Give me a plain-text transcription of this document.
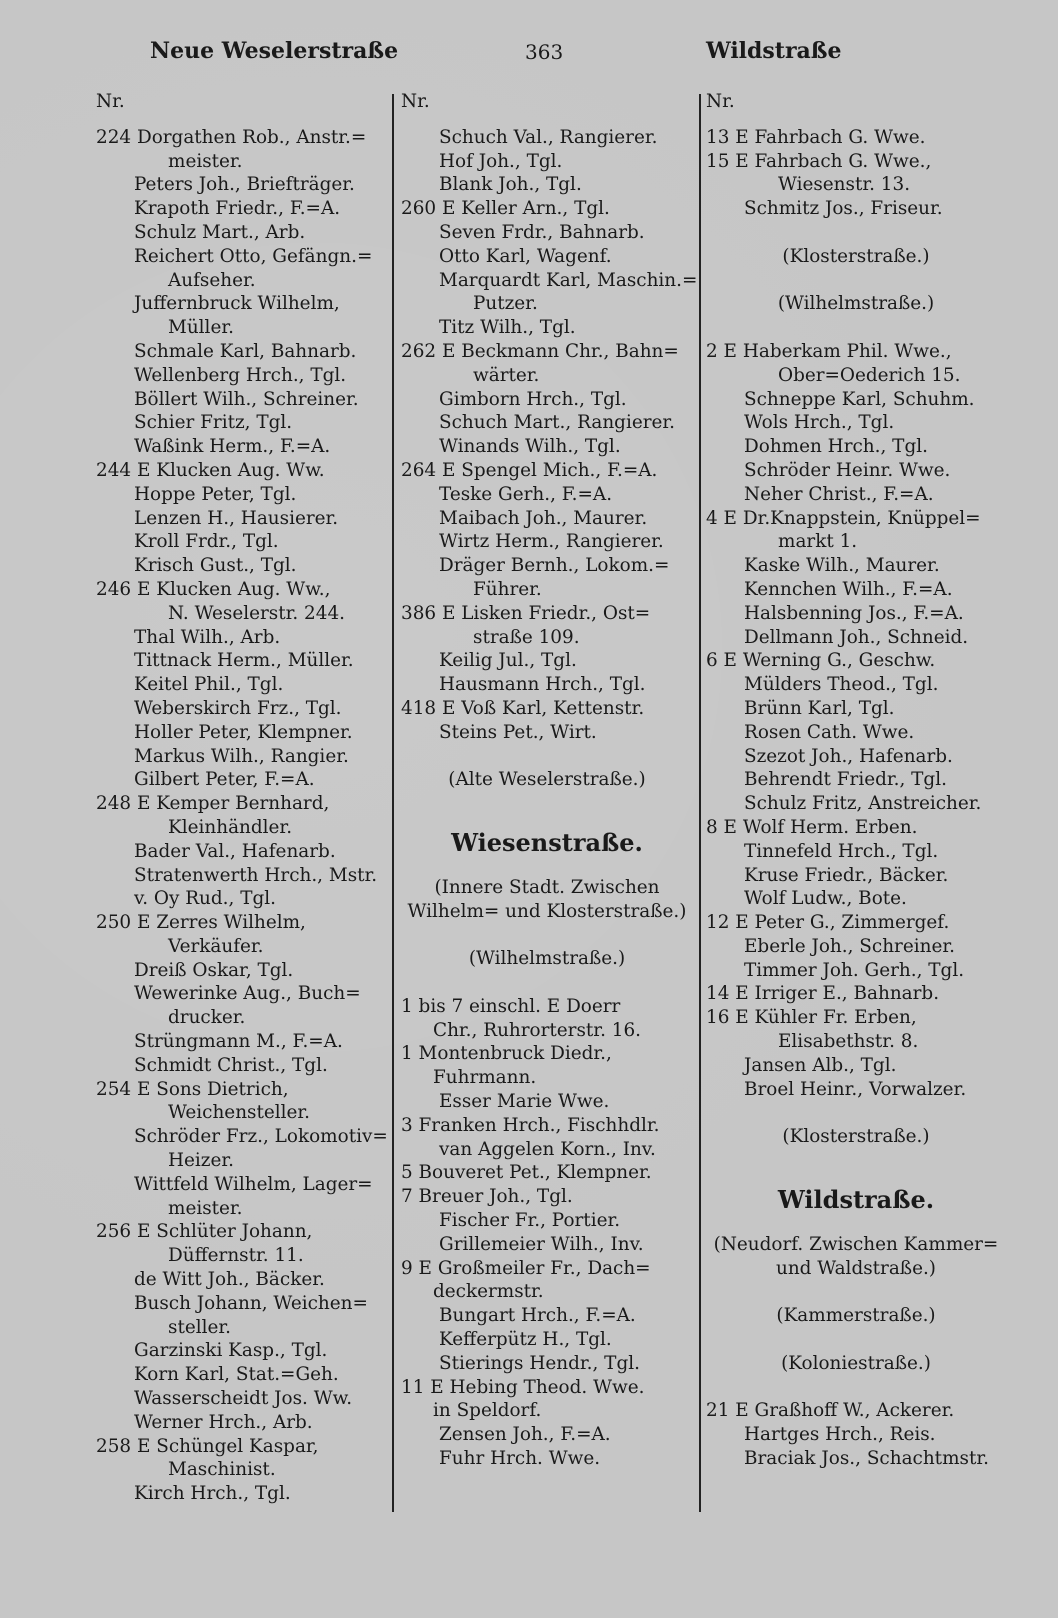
Neue Weselerstraße	363	Wildstraße
Nr.
224 Dorgathen Rob., Anstr.=
meister.
Peters Joh., Briefträger.
Krapoth Friedr., F.=A.
Schulz Mart., Arb.
Reichert Otto, Gefängn.=
Aufseher.
Juffernbruck Wilhelm,
Müller.
Schmale Karl, Bahnarb.
Wellenberg Hrch., Tgl.
Böllert Wilh., Schreiner.
Schier Fritz, Tgl.
Waßink Herm., F.=A.
244 E Klucken Aug. Ww.
Hoppe Peter, Tgl.
Lenzen H., Hausierer.
Kroll Frdr., Tgl.
Krisch Gust., Tgl.
246 E Klucken Aug. Ww.,
N. Weselerstr. 244.
Thal Wilh., Arb.
Tittnack Herm., Müller.
Keitel Phil., Tgl.
Weberskirch Frz., Tgl.
Holler Peter, Klempner.
Markus Wilh., Rangier.
Gilbert Peter, F.=A.
248 E Kemper Bernhard,
Kleinhändler.
Bader Val., Hafenarb.
Stratenwerth Hrch., Mstr.
v. Oy Rud., Tgl.
250 E Zerres Wilhelm,
Verkäufer.
Dreiß Oskar, Tgl.
Wewerinke Aug., Buch=
drucker.
Strüngmann M., F.=A.
Schmidt Christ., Tgl.
254 E Sons Dietrich,
Weichensteller.
Schröder Frz., Lokomotiv=
Heizer.
Wittfeld Wilhelm, Lager=
meister.
256 E Schlüter Johann,
Düffernstr. 11.
de Witt Joh., Bäcker.
Busch Johann, Weichen=
steller.
Garzinski Kasp., Tgl.
Korn Karl, Stat.=Geh.
Wasserscheidt Jos. Ww.
Werner Hrch., Arb.
258 E Schüngel Kaspar,
Maschinist.
Kirch Hrch., Tgl.
Nr.
Schuch Val., Rangierer.
Hof Joh., Tgl.
Blank Joh., Tgl.
260 E Keller Arn., Tgl.
Seven Frdr., Bahnarb.
Otto Karl, Wagenf.
Marquardt Karl, Maschin.=
Putzer.
Titz Wilh., Tgl.
262 E Beckmann Chr., Bahn=
wärter.
Gimborn Hrch., Tgl.
Schuch Mart., Rangierer.
Winands Wilh., Tgl.
264 E Spengel Mich., F.=A.
Teske Gerh., F.=A.
Maibach Joh., Maurer.
Wirtz Herm., Rangierer.
Dräger Bernh., Lokom.=
Führer.
386 E Lisken Friedr., Ost=
straße 109.
Keilig Jul., Tgl.
Hausmann Hrch., Tgl.
418 E Voß Karl, Kettenstr.
Steins Pet., Wirt.
(Alte Weselerstraße.)
Wiesenstraße.
(Innere Stadt. Zwischen
Wilhelm= und Klosterstraße.)
(Wilhelmstraße.)
1 bis 7 einschl. E Doerr
Chr., Ruhrorterstr. 16.
1 Montenbruck Diedr.,
Fuhrmann.
Esser Marie Wwe.
3 Franken Hrch., Fischhdlr.
van Aggelen Korn., Inv.
5 Bouveret Pet., Klempner.
7 Breuer Joh., Tgl.
Fischer Fr., Portier.
Grillemeier Wilh., Inv.
9 E Großmeiler Fr., Dach=
deckermstr.
Bungart Hrch., F.=A.
Kefferpütz H., Tgl.
Stierings Hendr., Tgl.
11 E Hebing Theod. Wwe.
in Speldorf.
Zensen Joh., F.=A.
Fuhr Hrch. Wwe.
Nr.
13 E Fahrbach G. Wwe.
15 E Fahrbach G. Wwe.,
Wiesenstr. 13.
Schmitz Jos., Friseur.
(Klosterstraße.)
(Wilhelmstraße.)
2 E Haberkam Phil. Wwe.,
Ober=Oederich 15.
Schneppe Karl, Schuhm.
Wols Hrch., Tgl.
Dohmen Hrch., Tgl.
Schröder Heinr. Wwe.
Neher Christ., F.=A.
4 E Dr.Knappstein, Knüppel=
markt 1.
Kaske Wilh., Maurer.
Kennchen Wilh., F.=A.
Halsbenning Jos., F.=A.
Dellmann Joh., Schneid.
6 E Werning G., Geschw.
Mülders Theod., Tgl.
Brünn Karl, Tgl.
Rosen Cath. Wwe.
Szezot Joh., Hafenarb.
Behrendt Friedr., Tgl.
Schulz Fritz, Anstreicher.
8 E Wolf Herm. Erben.
Tinnefeld Hrch., Tgl.
Kruse Friedr., Bäcker.
Wolf Ludw., Bote.
12 E Peter G., Zimmergef.
Eberle Joh., Schreiner.
Timmer Joh. Gerh., Tgl.
14 E Irriger E., Bahnarb.
16 E Kühler Fr. Erben,
Elisabethstr. 8.
Jansen Alb., Tgl.
Broel Heinr., Vorwalzer.
(Klosterstraße.)
Wildstraße.
(Neudorf. Zwischen Kammer=
und Waldstraße.)
(Kammerstraße.)
(Koloniestraße.)
21 E Graßhoff W., Ackerer.
Hartges Hrch., Reis.
Braciak Jos., Schachtmstr.
